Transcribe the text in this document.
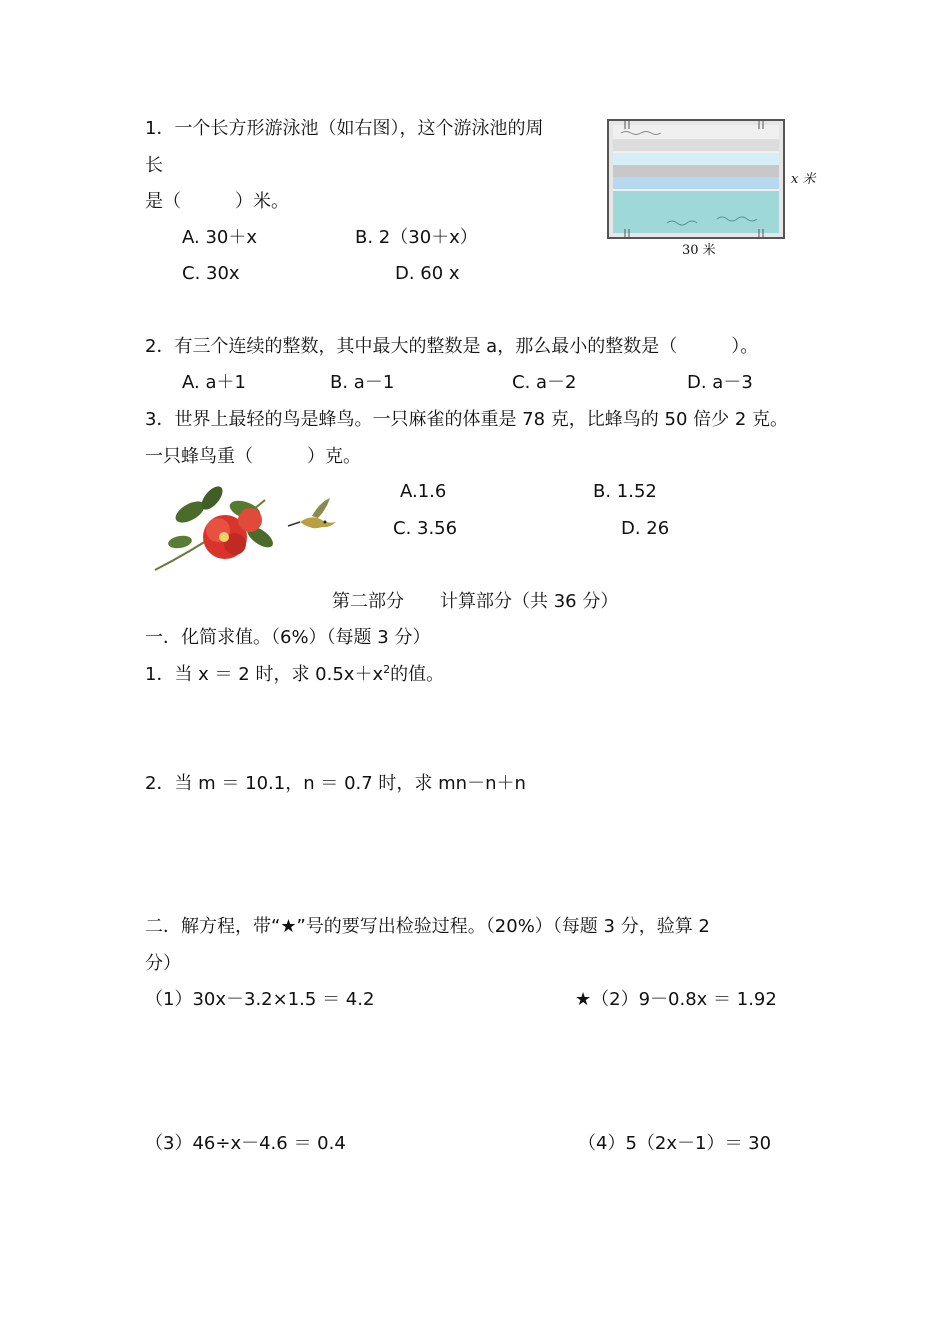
1．一个长方形游泳池（如右图），这个游泳池的周
长
是（　　　）米。
A. 30＋x	B. 2（30＋x）
C. 30x	D. 60 x
30 米
x 米
2．有三个连续的整数，其中最大的整数是 a，那么最小的整数是（　　　）。
A. a＋1	B. a－1	C. a－2	D. a－3
3．世界上最轻的鸟是蜂鸟。一只麻雀的体重是 78 克，比蜂鸟的 50 倍少 2 克。
一只蜂鸟重（　　　）克。
A.1.6	B. 1.52
C. 3.56	D. 26
第二部分　　计算部分（共 36 分）
一．化简求值。（6%）（每题 3 分）
1．当 x ＝ 2 时，求 $0.5x+x^2$的值。
2．当 m ＝ 10.1，n ＝ 0.7 时，求 mn－n＋n
二．解方程，带“★”号的要写出检验过程。（20%）（每题 3 分，验算 2
分）
（1）30x－3.2×1.5 ＝ 4.2	★（2）9－0.8x ＝ 1.92
（3）46÷x－4.6 ＝ 0.4	（4）5（2x－1）＝ 30
